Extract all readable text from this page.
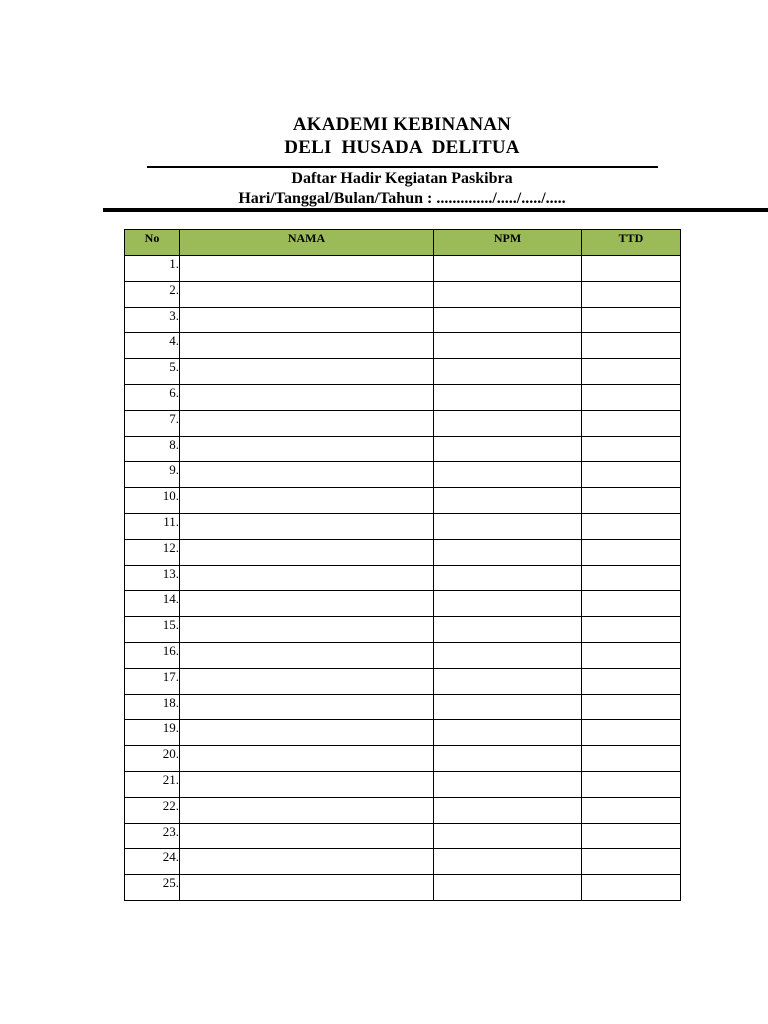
AKADEMI KEBINANAN
DELI  HUSADA  DELITUA
Daftar Hadir Kegiatan Paskibra
Hari/Tanggal/Bulan/Tahun : ............../...../...../.....
No	NAMA	NPM	TTD
1.			
2.			
3.			
4.			
5.			
6.			
7.			
8.			
9.			
10.			
11.			
12.			
13.			
14.			
15.			
16.			
17.			
18.			
19.			
20.			
21.			
22.			
23.			
24.			
25.			
